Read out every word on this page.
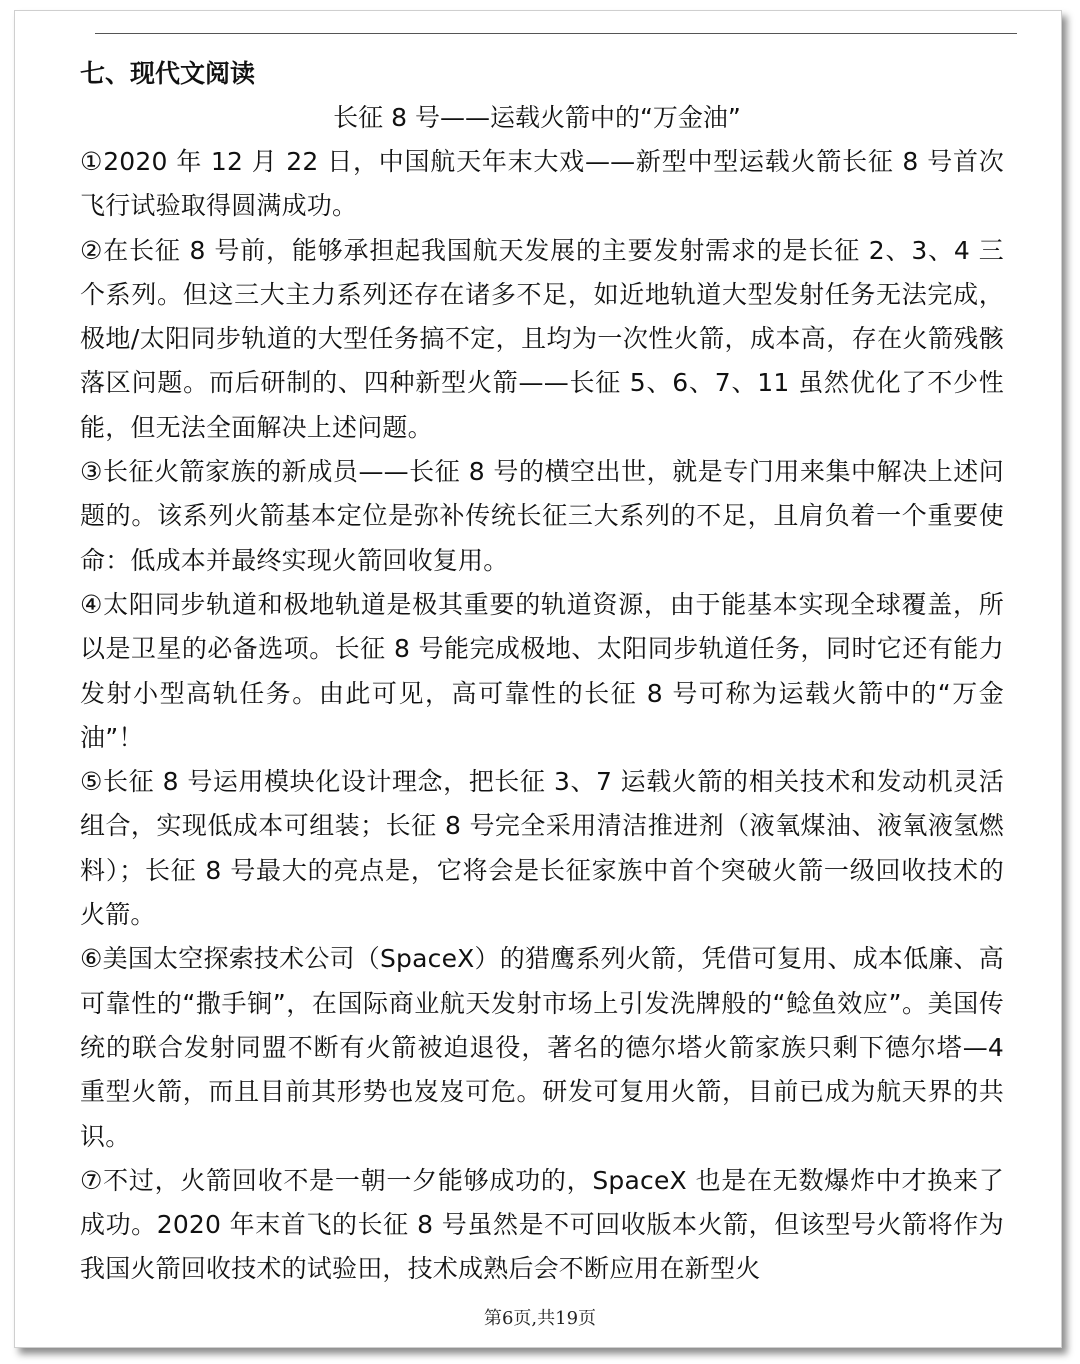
七、现代文阅读
长征 8 号——运载火箭中的“万金油”

①2020 年 12 月 22 日，中国航天年末大戏——新型中型运载火箭长征 8 号首次飞行试验取得圆满成功。

②在长征 8 号前，能够承担起我国航天发展的主要发射需求的是长征 2、3、4 三个系列。但这三大主力系列还存在诸多不足，如近地轨道大型发射任务无法完成，极地/太阳同步轨道的大型任务搞不定，且均为一次性火箭，成本高，存在火箭残骸落区问题。而后研制的、四种新型火箭——长征 5、6、7、11 虽然优化了不少性能，但无法全面解决上述问题。

③长征火箭家族的新成员——长征 8 号的横空出世，就是专门用来集中解决上述问题的。该系列火箭基本定位是弥补传统长征三大系列的不足，且肩负着一个重要使命：低成本并最终实现火箭回收复用。

④太阳同步轨道和极地轨道是极其重要的轨道资源，由于能基本实现全球覆盖，所以是卫星的必备选项。长征 8 号能完成极地、太阳同步轨道任务，同时它还有能力发射小型高轨任务。由此可见，高可靠性的长征 8 号可称为运载火箭中的“万金油”！

⑤长征 8 号运用模块化设计理念，把长征 3、7 运载火箭的相关技术和发动机灵活组合，实现低成本可组装；长征 8 号完全采用清洁推进剂（液氧煤油、液氧液氢燃料）；长征 8 号最大的亮点是，它将会是长征家族中首个突破火箭一级回收技术的火箭。

⑥美国太空探索技术公司（SpaceX）的猎鹰系列火箭，凭借可复用、成本低廉、高可靠性的“撒手锏”，在国际商业航天发射市场上引发洗牌般的“鲶鱼效应”。美国传统的联合发射同盟不断有火箭被迫退役，著名的德尔塔火箭家族只剩下德尔塔—4 重型火箭，而且目前其形势也岌岌可危。研发可复用火箭，目前已成为航天界的共识。

⑦不过，火箭回收不是一朝一夕能够成功的，SpaceX 也是在无数爆炸中才换来了成功。2020 年末首飞的长征 8 号虽然是不可回收版本火箭，但该型号火箭将作为我国火箭回收技术的试验田，技术成熟后会不断应用在新型火

第6页,共19页
